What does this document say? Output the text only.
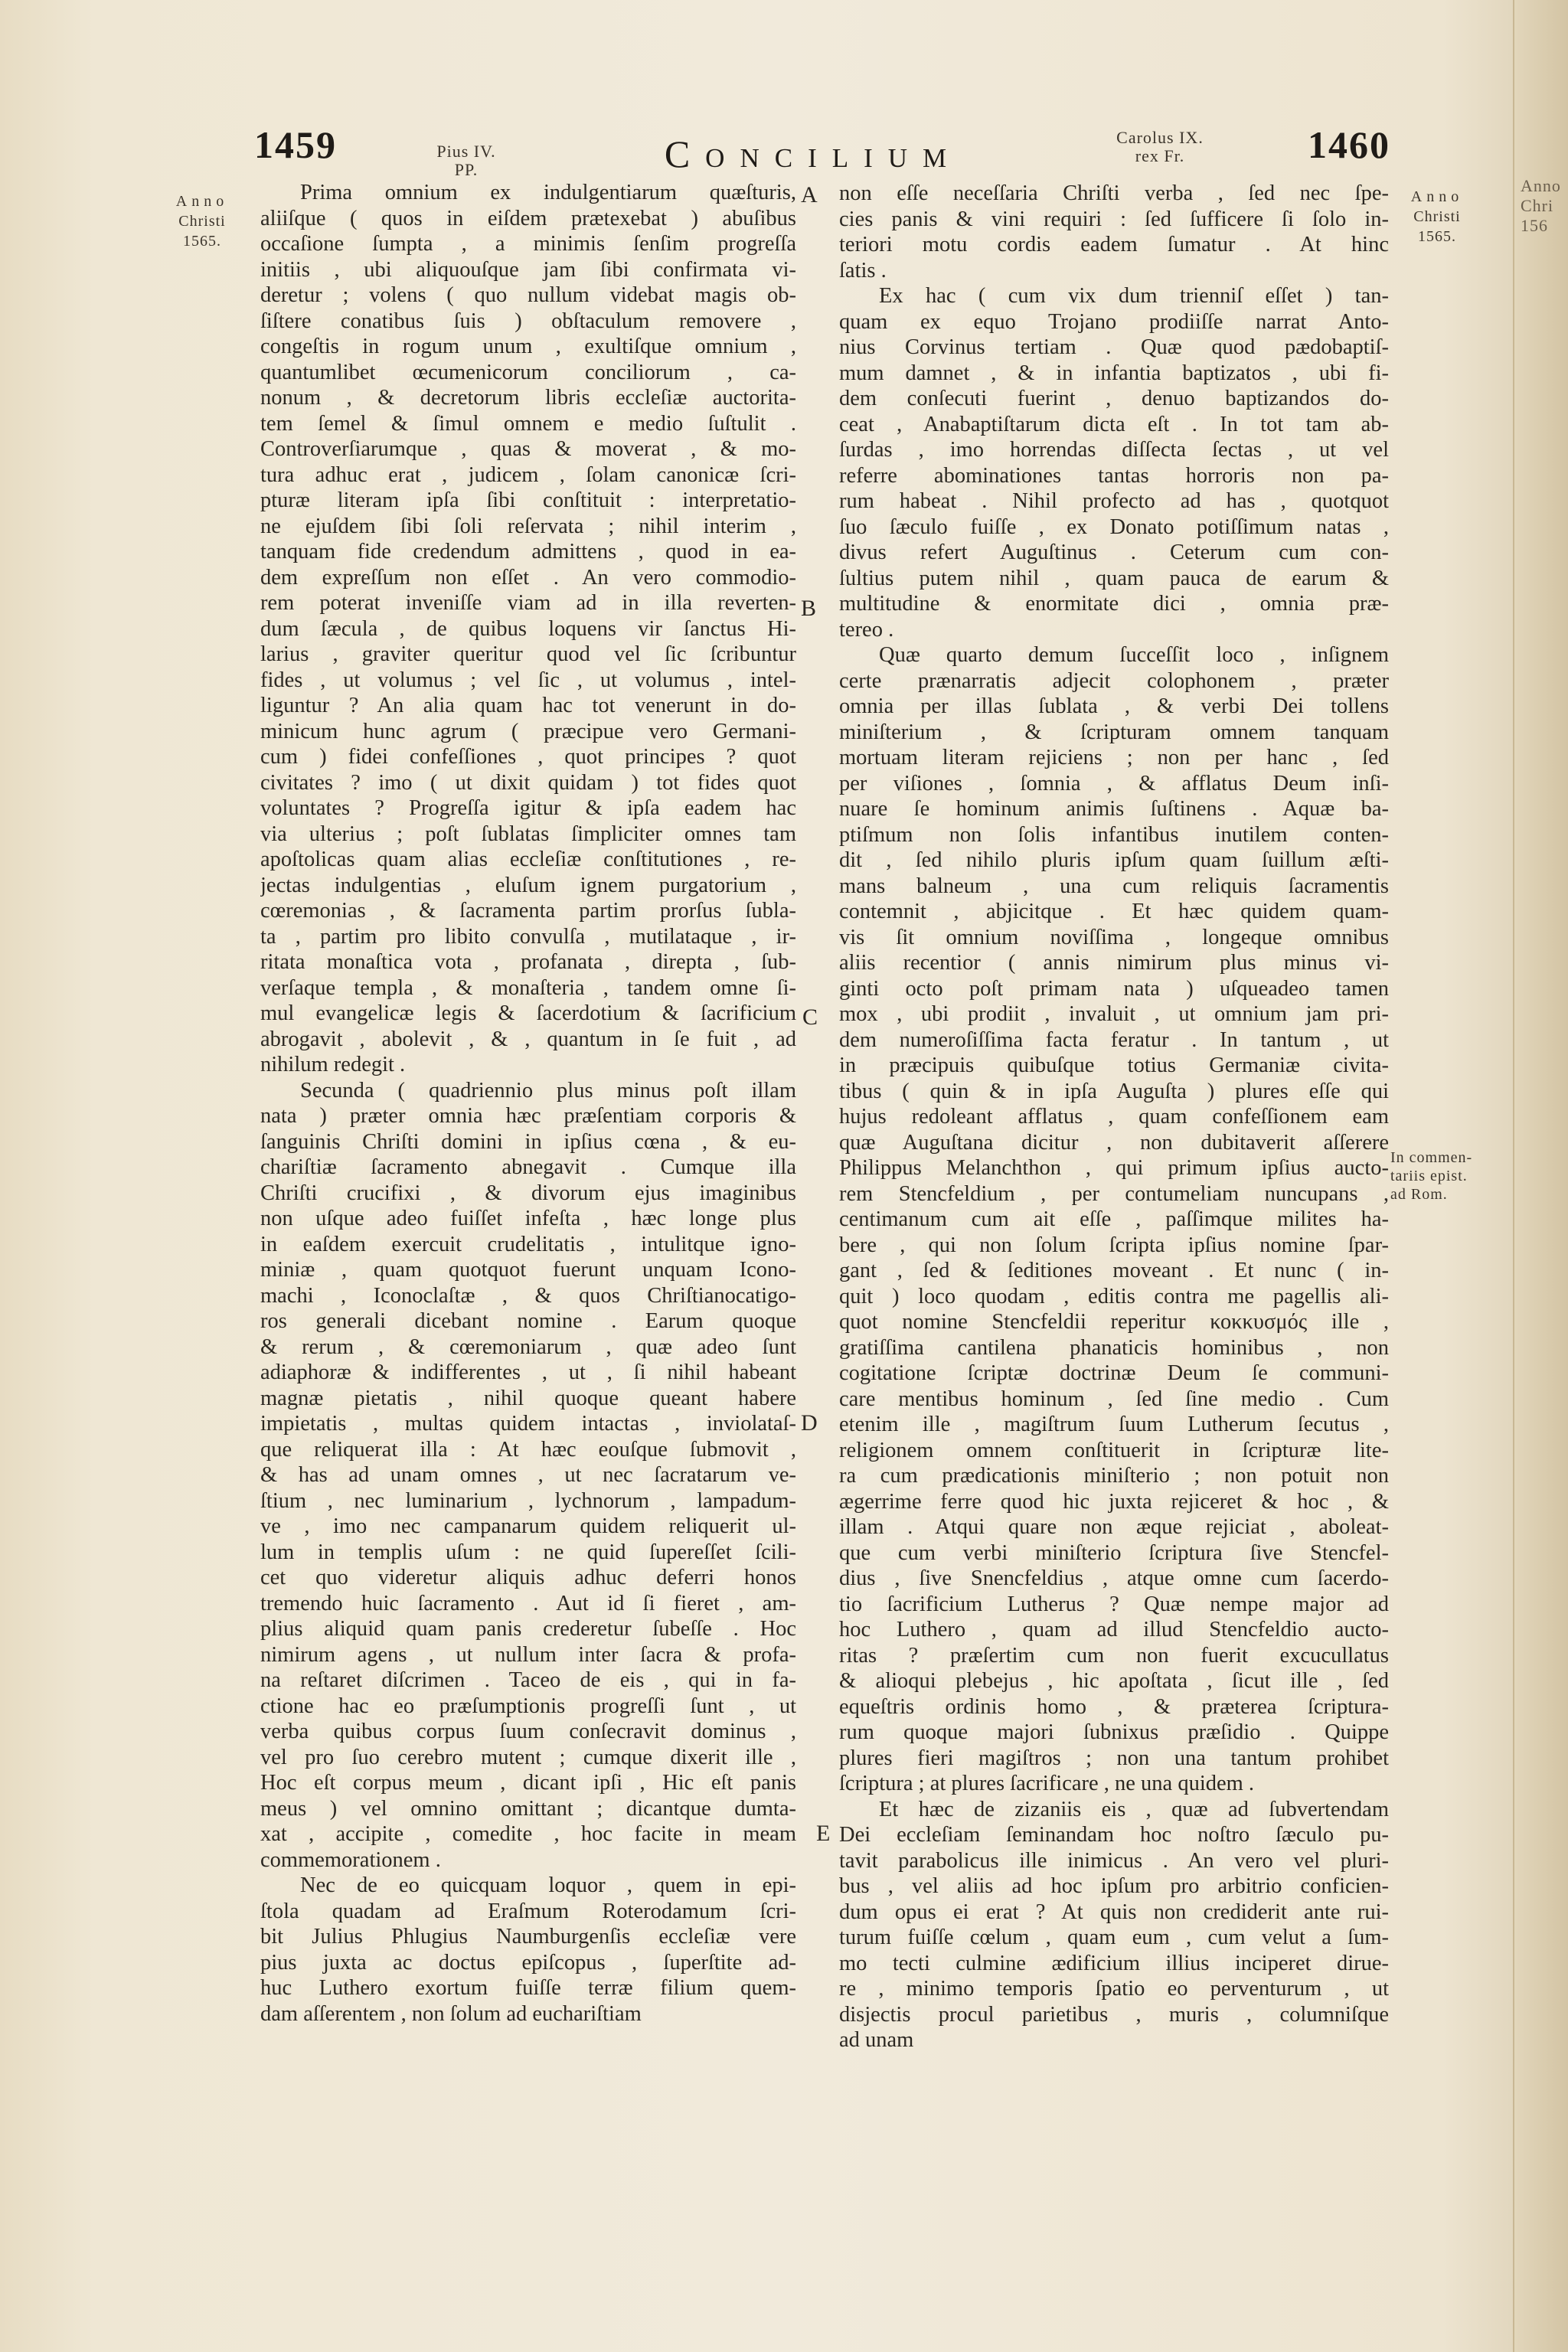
Anno
Chri
156
1459	Pius IV.
PP.	Concilium	Carolus IX.
rex Fr.	1460
Anno
Christi
1565.
Anno
Christi
1565.
In commen-
tariis epist.
ad Rom.
A
B
C
D
E
Prima omnium ex indulgentiarum quæſturis,
aliiſque ( quos in eiſdem prætexebat ) abuſibus
occaſione ſumpta , a minimis ſenſim progreſſa
initiis , ubi aliquouſque jam ſibi confirmata vi-
deretur ; volens ( quo nullum videbat magis ob-
ſiſtere conatibus ſuis ) obſtaculum removere ,
congeſtis in rogum unum , exultiſque omnium ,
quantumlibet œcumenicorum conciliorum , ca-
nonum , & decretorum libris eccleſiæ auctorita-
tem ſemel & ſimul omnem e medio ſuſtulit .
Controverſiarumque , quas & moverat , & mo-
tura adhuc erat , judicem , ſolam canonicæ ſcri-
pturæ literam ipſa ſibi conſtituit : interpretatio-
ne ejuſdem ſibi ſoli reſervata ; nihil interim ,
tanquam fide credendum admittens , quod in ea-
dem expreſſum non eſſet . An vero commodio-
rem poterat inveniſſe viam ad in illa reverten-
dum ſæcula , de quibus loquens vir ſanctus Hi-
larius , graviter queritur quod vel ſic ſcribuntur
fides , ut volumus ; vel ſic , ut volumus , intel-
liguntur ? An alia quam hac tot venerunt in do-
minicum hunc agrum ( præcipue vero Germani-
cum ) fidei confeſſiones , quot principes ? quot
civitates ? imo ( ut dixit quidam ) tot fides quot
voluntates ? Progreſſa igitur & ipſa eadem hac
via ulterius ; poſt ſublatas ſimpliciter omnes tam
apoſtolicas quam alias eccleſiæ conſtitutiones , re-
jectas indulgentias , eluſum ignem purgatorium ,
cœremonias , & ſacramenta partim prorſus ſubla-
ta , partim pro libito convulſa , mutilataque , ir-
ritata monaſtica vota , profanata , direpta , ſub-
verſaque templa , & monaſteria , tandem omne ſi-
mul evangelicæ legis & ſacerdotium & ſacrificium
abrogavit , abolevit , & , quantum in ſe fuit , ad
nihilum redegit .
Secunda ( quadriennio plus minus poſt illam
nata ) præter omnia hæc præſentiam corporis &
ſanguinis Chriſti domini in ipſius cœna , & eu-
chariſtiæ ſacramento abnegavit . Cumque illa
Chriſti crucifixi , & divorum ejus imaginibus
non uſque adeo fuiſſet infeſta , hæc longe plus
in eaſdem exercuit crudelitatis , intulitque igno-
miniæ , quam quotquot fuerunt unquam Icono-
machi , Iconoclaſtæ , & quos Chriſtianocatigo-
ros generali dicebant nomine . Earum quoque
& rerum , & cœremoniarum , quæ adeo ſunt
adiaphoræ & indifferentes , ut , ſi nihil habeant
magnæ pietatis , nihil quoque queant habere
impietatis , multas quidem intactas , inviolataſ-
que reliquerat illa : At hæc eouſque ſubmovit ,
& has ad unam omnes , ut nec ſacratarum ve-
ſtium , nec luminarium , lychnorum , lampadum-
ve , imo nec campanarum quidem reliquerit ul-
lum in templis uſum : ne quid ſupereſſet ſcili-
cet quo videretur aliquis adhuc deferri honos
tremendo huic ſacramento . Aut id ſi fieret , am-
plius aliquid quam panis crederetur ſubeſſe . Hoc
nimirum agens , ut nullum inter ſacra & profa-
na reſtaret diſcrimen . Taceo de eis , qui in fa-
ctione hac eo præſumptionis progreſſi ſunt , ut
verba quibus corpus ſuum conſecravit dominus ,
vel pro ſuo cerebro mutent ; cumque dixerit ille ,
Hoc eſt corpus meum , dicant ipſi , Hic eſt panis
meus ) vel omnino omittant ; dicantque dumta-
xat , accipite , comedite , hoc facite in meam
commemorationem .
Nec de eo quicquam loquor , quem in epi-
ſtola quadam ad Eraſmum Roterodamum ſcri-
bit Julius Phlugius Naumburgenſis eccleſiæ vere
pius juxta ac doctus epiſcopus , ſuperſtite ad-
huc Luthero exortum fuiſſe terræ filium quem-
dam aſſerentem , non ſolum ad euchariſtiam
non eſſe neceſſaria Chriſti verba , ſed nec ſpe-
cies panis & vini requiri : ſed ſufficere ſi ſolo in-
teriori motu cordis eadem ſumatur . At hinc
ſatis .
Ex hac ( cum vix dum trienniſ eſſet ) tan-
quam ex equo Trojano prodiiſſe narrat Anto-
nius Corvinus tertiam . Quæ quod pædobaptiſ-
mum damnet , & in infantia baptizatos , ubi fi-
dem conſecuti fuerint , denuo baptizandos do-
ceat , Anabaptiſtarum dicta eſt . In tot tam ab-
ſurdas , imo horrendas diſſecta ſectas , ut vel
referre abominationes tantas horroris non pa-
rum habeat . Nihil profecto ad has , quotquot
ſuo ſæculo fuiſſe , ex Donato potiſſimum natas ,
divus refert Auguſtinus . Ceterum cum con-
ſultius putem nihil , quam pauca de earum &
multitudine & enormitate dici , omnia præ-
tereo .
Quæ quarto demum ſucceſſit loco , inſignem
certe prænarratis adjecit colophonem , præter
omnia per illas ſublata , & verbi Dei tollens
miniſterium , & ſcripturam omnem tanquam
mortuam literam rejiciens ; non per hanc , ſed
per viſiones , ſomnia , & afflatus Deum inſi-
nuare ſe hominum animis ſuſtinens . Aquæ ba-
ptiſmum non ſolis infantibus inutilem conten-
dit , ſed nihilo pluris ipſum quam ſuillum æſti-
mans balneum , una cum reliquis ſacramentis
contemnit , abjicitque . Et hæc quidem quam-
vis ſit omnium noviſſima , longeque omnibus
aliis recentior ( annis nimirum plus minus vi-
ginti octo poſt primam nata ) uſqueadeo tamen
mox , ubi prodiit , invaluit , ut omnium jam pri-
dem numeroſiſſima facta feratur . In tantum , ut
in præcipuis quibuſque totius Germaniæ civita-
tibus ( quin & in ipſa Auguſta ) plures eſſe qui
hujus redoleant afflatus , quam confeſſionem eam
quæ Auguſtana dicitur , non dubitaverit aſſerere
Philippus Melanchthon , qui primum ipſius aucto-
rem Stencfeldium , per contumeliam nuncupans ,
centimanum cum ait eſſe , paſſimque milites ha-
bere , qui non ſolum ſcripta ipſius nomine ſpar-
gant , ſed & ſeditiones moveant . Et nunc ( in-
quit ) loco quodam , editis contra me pagellis ali-
quot nomine Stencfeldii reperitur κοκκυσμός ille ,
gratiſſima cantilena phanaticis hominibus , non
cogitatione ſcriptæ doctrinæ Deum ſe communi-
care mentibus hominum , ſed ſine medio . Cum
etenim ille , magiſtrum ſuum Lutherum ſecutus ,
religionem omnem conſtituerit in ſcripturæ lite-
ra cum prædicationis miniſterio ; non potuit non
ægerrime ferre quod hic juxta rejiceret & hoc , &
illam . Atqui quare non æque rejiciat , aboleat-
que cum verbi miniſterio ſcriptura ſive Stencfel-
dius , ſive Snencfeldius , atque omne cum ſacerdo-
tio ſacrificium Lutherus ? Quæ nempe major ad
hoc Luthero , quam ad illud Stencfeldio aucto-
ritas ? præſertim cum non fuerit excucullatus
& alioqui plebejus , hic apoſtata , ſicut ille , ſed
equeſtris ordinis homo , & præterea ſcriptura-
rum quoque majori ſubnixus præſidio . Quippe
plures fieri magiſtros ; non una tantum prohibet
ſcriptura ; at plures ſacrificare , ne una quidem .
Et hæc de zizaniis eis , quæ ad ſubvertendam
Dei eccleſiam ſeminandam hoc noſtro ſæculo pu-
tavit parabolicus ille inimicus . An vero vel pluri-
bus , vel aliis ad hoc ipſum pro arbitrio conficien-
dum opus ei erat ? At quis non crediderit ante rui-
turum fuiſſe cœlum , quam eum , cum velut a ſum-
mo tecti culmine ædificium illius inciperet dirue-
re , minimo temporis ſpatio eo perventurum , ut
disjectis procul parietibus , muris , columniſque
ad unam
